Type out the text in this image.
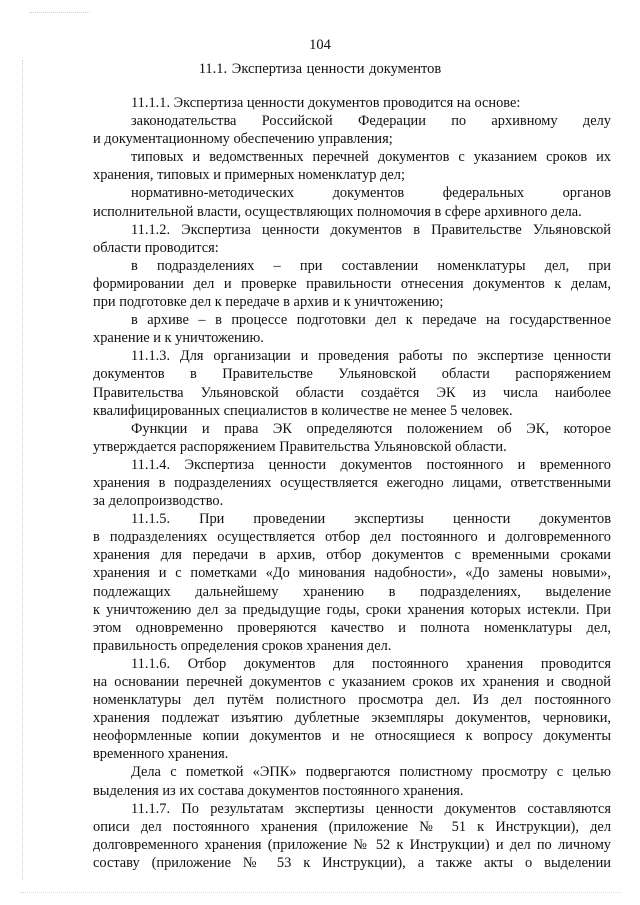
104
11.1. Экспертиза ценности документов
11.1.1. Экспертиза ценности документов проводится на основе:
законодательства Российской Федерации по архивному делу
и документационному обеспечению управления;
типовых и ведомственных перечней документов с указанием сроков их
хранения, типовых и примерных номенклатур дел;
нормативно-методических документов федеральных органов
исполнительной власти, осуществляющих полномочия в сфере архивного дела.
11.1.2. Экспертиза ценности документов в Правительстве Ульяновской
области проводится:
в подразделениях – при составлении номенклатуры дел, при
формировании дел и проверке правильности отнесения документов к делам,
при подготовке дел к передаче в архив и к уничтожению;
в архиве – в процессе подготовки дел к передаче на государственное
хранение и к уничтожению.
11.1.3. Для организации и проведения работы по экспертизе ценности
документов в Правительстве Ульяновской области распоряжением
Правительства Ульяновской области создаётся ЭК из числа наиболее
квалифицированных специалистов в количестве не менее 5 человек.
Функции и права ЭК определяются положением об ЭК, которое
утверждается распоряжением Правительства Ульяновской области.
11.1.4. Экспертиза ценности документов постоянного и временного
хранения в подразделениях осуществляется ежегодно лицами, ответственными
за делопроизводство.
11.1.5. При проведении экспертизы ценности документов
в подразделениях осуществляется отбор дел постоянного и долговременного
хранения для передачи в архив, отбор документов с временными сроками
хранения и с пометками «До минования надобности», «До замены новыми»,
подлежащих дальнейшему хранению в подразделениях, выделение
к уничтожению дел за предыдущие годы, сроки хранения которых истекли. При
этом одновременно проверяются качество и полнота номенклатуры дел,
правильность определения сроков хранения дел.
11.1.6. Отбор документов для постоянного хранения проводится
на основании перечней документов с указанием сроков их хранения и сводной
номенклатуры дел путём полистного просмотра дел. Из дел постоянного
хранения подлежат изъятию дублетные экземпляры документов, черновики,
неоформленные копии документов и не относящиеся к вопросу документы
временного хранения.
Дела с пометкой «ЭПК» подвергаются полистному просмотру с целью
выделения из их состава документов постоянного хранения.
11.1.7. По результатам экспертизы ценности документов составляются
описи дел постоянного хранения (приложение № 51 к Инструкции), дел
долговременного хранения (приложение № 52 к Инструкции) и дел по личному
составу (приложение № 53 к Инструкции), а также акты о выделении
